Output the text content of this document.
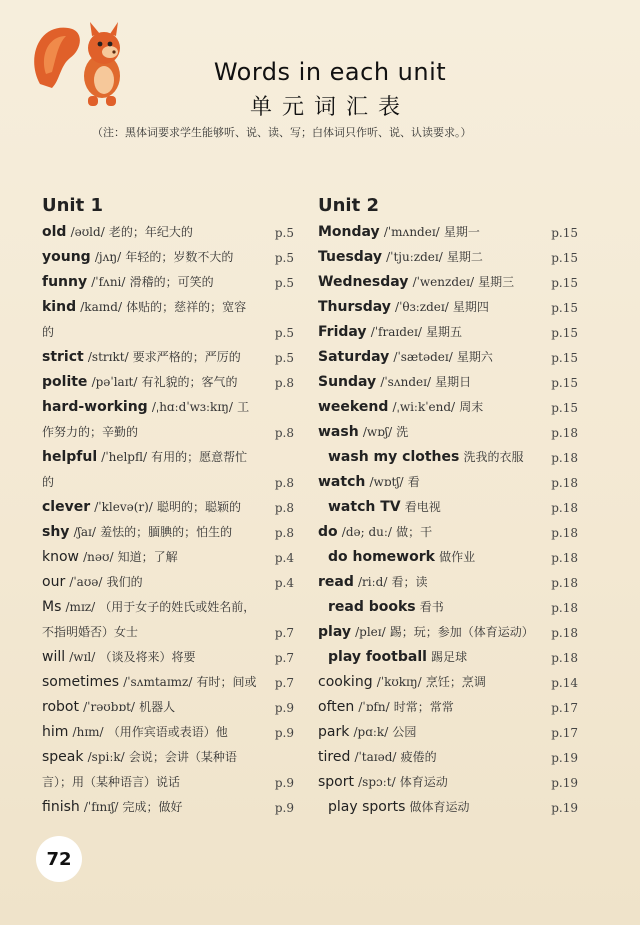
Words in each unit
单元词汇表
（注：黑体词要求学生能够听、说、读、写；白体词只作听、说、认读要求。）
Unit 1
old /əʊld/ 老的；年纪大的	p.5
young /jʌŋ/ 年轻的；岁数不大的	p.5
funny /ˈfʌni/ 滑稽的；可笑的	p.5
kind /kaɪnd/ 体贴的；慈祥的；宽容的	p.5
strict /strɪkt/ 要求严格的；严厉的	p.5
polite /pəˈlaɪt/ 有礼貌的；客气的	p.8
hard-working /ˌhɑːdˈwɜːkɪŋ/ 工作努力的；辛勤的	p.8
helpful /ˈhelpfl/ 有用的；愿意帮忙的	p.8
clever /ˈklevə(r)/ 聪明的；聪颖的	p.8
shy /ʃaɪ/ 羞怯的；腼腆的；怕生的	p.8
know /nəʊ/ 知道；了解	p.4
our /ˈaʊə/ 我们的	p.4
Ms /mɪz/ （用于女子的姓氏或姓名前，不指明婚否）女士	p.7
will /wɪl/ （谈及将来）将要	p.7
sometimes /ˈsʌmtaɪmz/ 有时；间或 p.7
robot /ˈrəʊbɒt/ 机器人	p.9
him /hɪm/ （用作宾语或表语）他	p.9
speak /spiːk/ 会说；会讲（某种语言）；用（某种语言）说话	p.9
finish /ˈfɪnɪʃ/ 完成；做好	p.9
Unit 2
Monday /ˈmʌndeɪ/ 星期一	p.15
Tuesday /ˈtjuːzdeɪ/ 星期二	p.15
Wednesday /ˈwenzdeɪ/ 星期三	p.15
Thursday /ˈθɜːzdeɪ/ 星期四	p.15
Friday /ˈfraɪdeɪ/ 星期五	p.15
Saturday /ˈsætədeɪ/ 星期六	p.15
Sunday /ˈsʌndeɪ/ 星期日	p.15
weekend /ˌwiːkˈend/ 周末	p.15
wash /wɒʃ/ 洗	p.18
wash my clothes 洗我的衣服 p.18
watch /wɒtʃ/ 看	p.18
watch TV 看电视	p.18
do /də; duː/ 做；干	p.18
do homework 做作业	p.18
read /riːd/ 看；读	p.18
read books 看书	p.18
play /pleɪ/ 踢；玩；参加（体育运动） p.18
play football 踢足球	p.18
cooking /ˈkʊkɪŋ/ 烹饪；烹调	p.14
often /ˈɒfn/ 时常；常常	p.17
park /pɑːk/ 公园	p.17
tired /ˈtaɪəd/ 疲倦的	p.19
sport /spɔːt/ 体育运动	p.19
play sports 做体育运动	p.19
72
